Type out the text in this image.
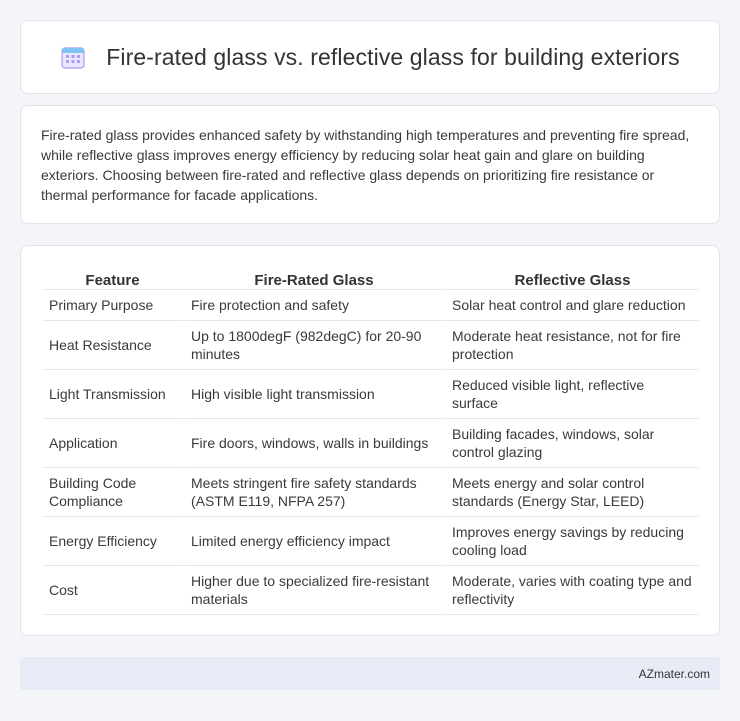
Fire-rated glass vs. reflective glass for building exteriors

Fire-rated glass provides enhanced safety by withstanding high temperatures and preventing fire spread, while reflective glass improves energy efficiency by reducing solar heat gain and glare on building exteriors. Choosing between fire-rated and reflective glass depends on prioritizing fire resistance or thermal performance for facade applications.

Feature	Fire-Rated Glass	Reflective Glass
Primary Purpose	Fire protection and safety	Solar heat control and glare reduction
Heat Resistance	Up to 1800degF (982degC) for 20-90 minutes	Moderate heat resistance, not for fire protection
Light Transmission	High visible light transmission	Reduced visible light, reflective surface
Application	Fire doors, windows, walls in buildings	Building facades, windows, solar control glazing
Building Code Compliance	Meets stringent fire safety standards (ASTM E119, NFPA 257)	Meets energy and solar control standards (Energy Star, LEED)
Energy Efficiency	Limited energy efficiency impact	Improves energy savings by reducing cooling load
Cost	Higher due to specialized fire-resistant materials	Moderate, varies with coating type and reflectivity
AZmater.com
